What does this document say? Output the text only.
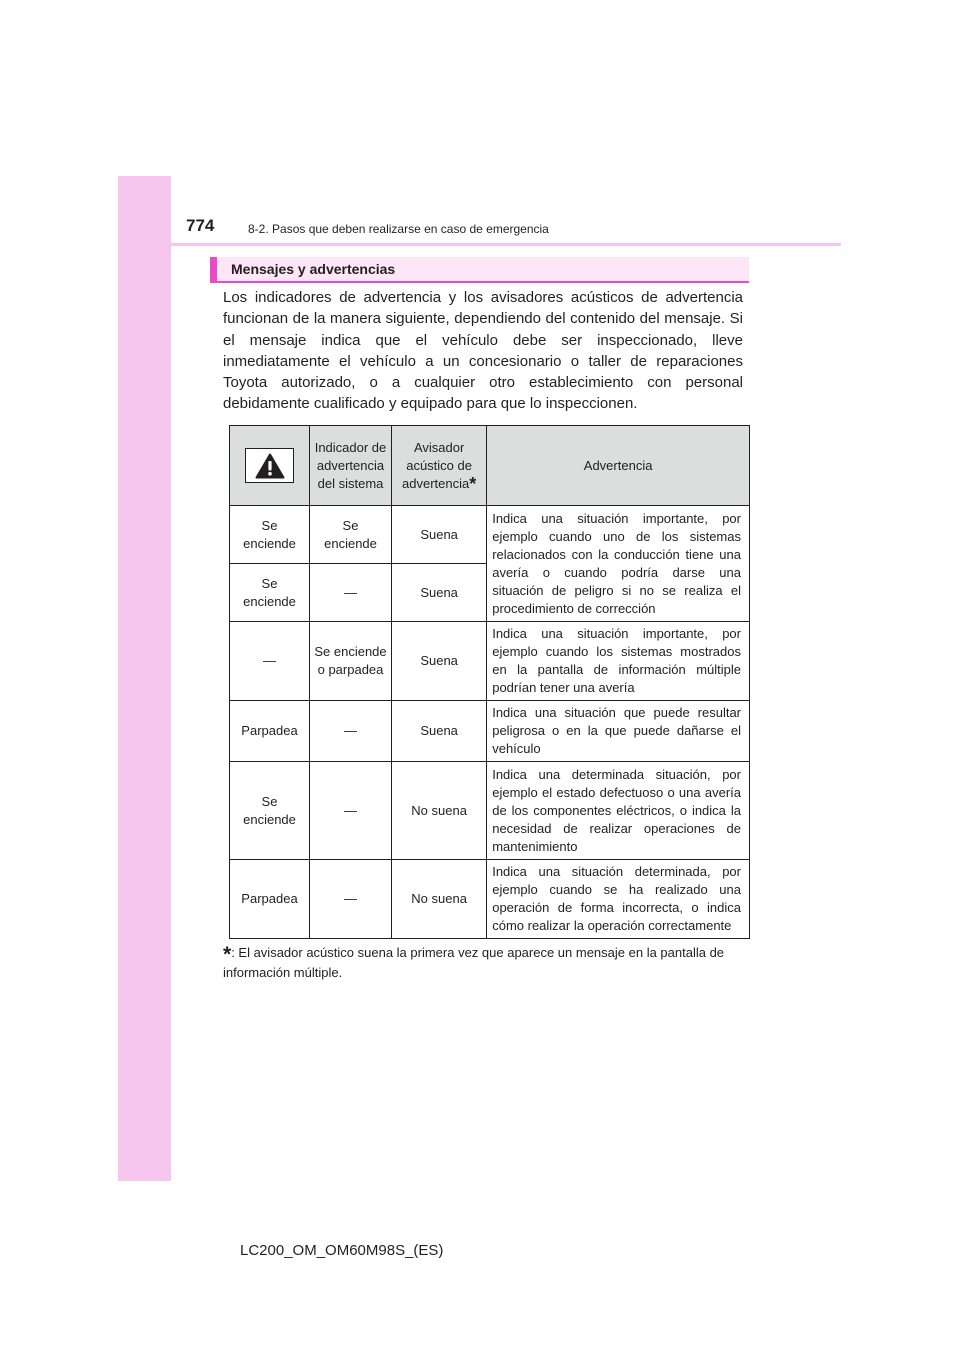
774	8-2. Pasos que deben realizarse en caso de emergencia
Mensajes y advertencias

Los indicadores de advertencia y los avisadores acústicos de advertencia funcionan de la manera siguiente, dependiendo del contenido del mensaje. Si el mensaje indica que el vehículo debe ser inspeccionado, lleve inmediatamente el vehículo a un concesionario o taller de reparaciones Toyota autorizado, o a cualquier otro establecimiento con personal debidamente cualificado y equipado para que lo inspeccionen.

Indicador de advertencia del sistema	Avisador acústico de advertencia*	Advertencia

Se enciende	Se enciende	Suena	Indica una situación importante, por ejemplo cuando uno de los sistemas relacionados con la conducción tiene una avería o cuando podría darse una situación de peligro si no se realiza el procedimiento de corrección

Se enciende	—	Suena	
—	Se enciende o parpadea	Suena	Indica una situación importante, por ejemplo cuando los sistemas mostrados en la pantalla de información múltiple podrían tener una avería
Parpadea	—	Suena	Indica una situación que puede resultar peligrosa o en la que puede dañarse el vehículo

Se enciende	—	No suena	Indica una determinada situación, por ejemplo el estado defectuoso o una avería de los componentes eléctricos, o indica la necesidad de realizar operaciones de mantenimiento
Parpadea	—	No suena	Indica una situación determinada, por ejemplo cuando se ha realizado una operación de forma incorrecta, o indica cómo realizar la operación correctamente

*: El avisador acústico suena la primera vez que aparece un mensaje en la pantalla de información múltiple.

LC200_OM_OM60M98S_(ES)
